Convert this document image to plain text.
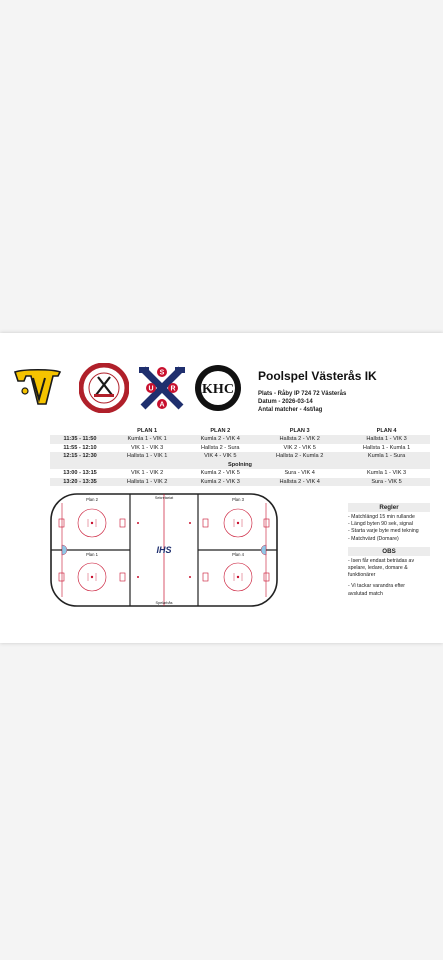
S
U R
A
KHC
Poolspel Västerås IK
Plats - Råby IP 724 72 Västerås
Datum - 2026-03-14
Antal matcher - 4st/lag
	PLAN 1	PLAN 2	PLAN 3	PLAN 4
11:35 - 11:50	Kumla 1 - VIK 1	Kumla 2 - VIK 4	Hallsta 2 - VIK 2	Hallsta 1 - VIK 3
11:55 - 12:10	VIK 1 - VIK 3	Hallsta 2 - Sura	VIK 2 - VIK 5	Hallsta 1 - Kumla 1
12:15 - 12:30	Hallsta 1 - VIK 1	VIK 4 - VIK 5	Hallsta 2 - Kumla 2	Kumla 1 - Sura
Spolning				
13:00 - 13:15	VIK 1 - VIK 2	Kumla 2 - VIK 5	Sura - VIK 4	Kumla 1 - VIK 3
13:20 - 13:35	Hallsta 1 - VIK 2	Kumla 2 - VIK 3	Hallsta 2 - VIK 4	Sura - VIK 5
IHS
Plan 2
Plan 1
Plan 3
Plan 4
Sekretariat
Spelarbås
Regler
- Matchlängd 15 min rullande
- Längd byten 90 sek, signal
- Starta varje byte med tekning
- Matchvärd (Domare)
OBS
- Isen får endast beträdas av
spelare, ledare, domare &
funktionärer
- Vi tackar varandra efter
avslutad match
